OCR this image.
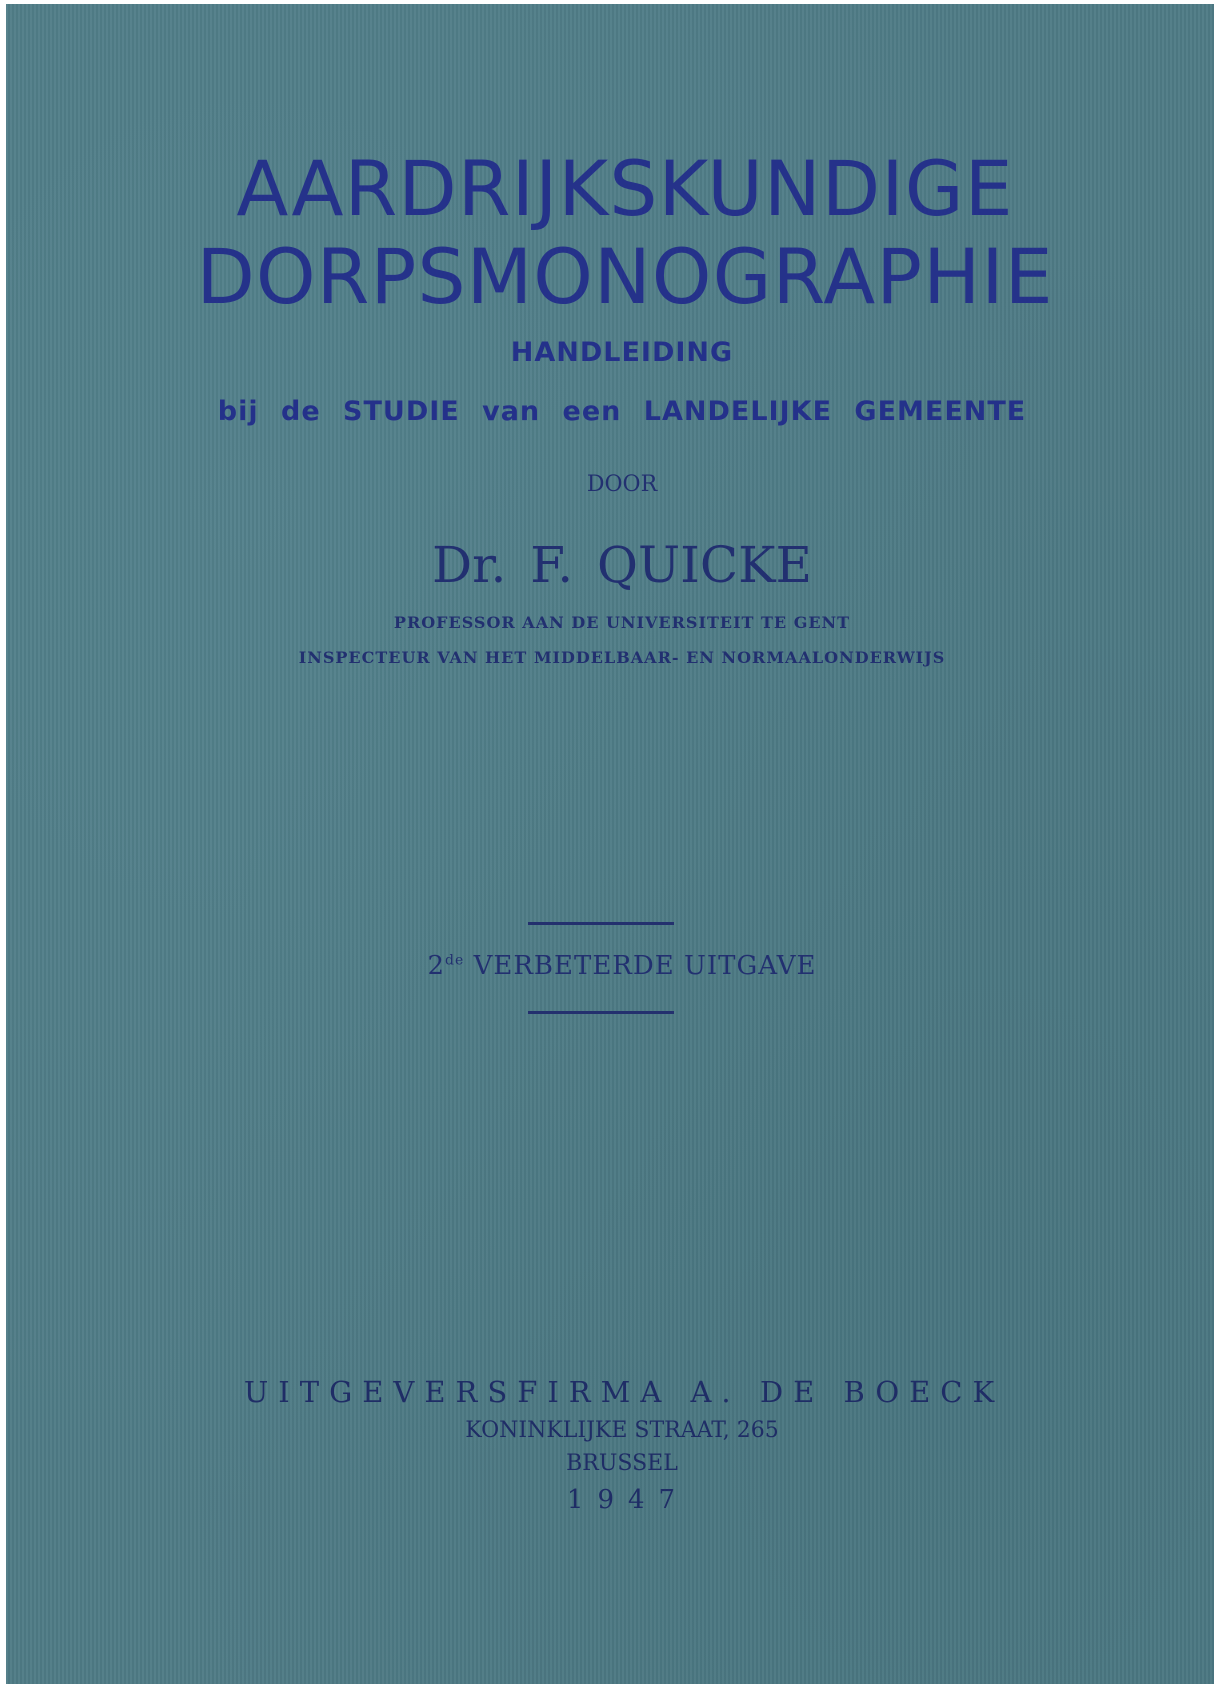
AARDRIJKSKUNDIGE
DORPSMONOGRAPHIE
HANDLEIDING
bij de STUDIE van een LANDELIJKE GEMEENTE
DOOR
Dr. F. QUICKE
PROFESSOR AAN DE UNIVERSITEIT TE GENT
INSPECTEUR VAN HET MIDDELBAAR- EN NORMAALONDERWIJS
2de VERBETERDE UITGAVE
UITGEVERSFIRMA A. DE BOECK
KONINKLIJKE STRAAT, 265
BRUSSEL
1947
